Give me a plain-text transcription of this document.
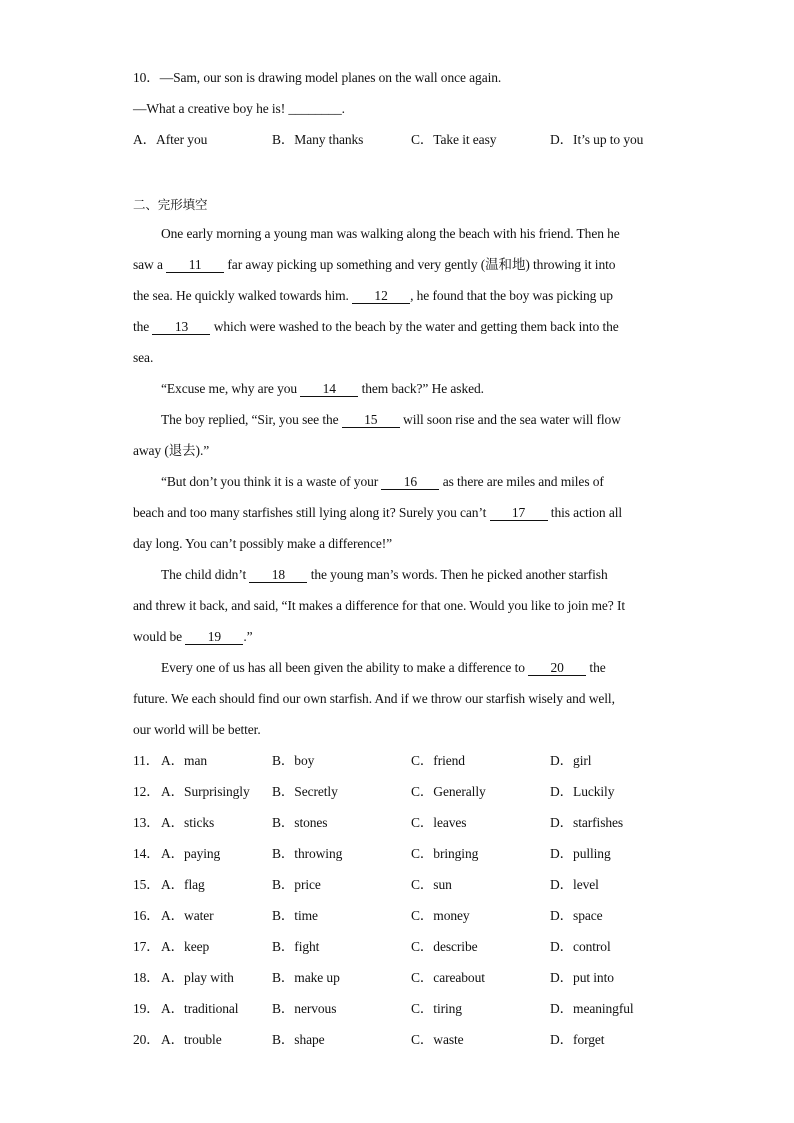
10．—Sam, our son is drawing model planes on the wall once again.
—What a creative boy he is! ________.
A．After you	B．Many thanks	C．Take it easy	D．It’s up to you
二、完形填空
One early morning a young man was walking along the beach with his friend. Then he
saw a 11 far away picking up something and very gently (温和地) throwing it into
the sea. He quickly walked towards him. 12 , he found that the boy was picking up
the 13 which were washed to the beach by the water and getting them back into the
sea.
“Excuse me, why are you 14 them back?” He asked.
The boy replied, “Sir, you see the 15 will soon rise and the sea water will flow
away (退去).”
“But don’t you think it is a waste of your 16 as there are miles and miles of
beach and too many starfishes still lying along it? Surely you can’t 17 this action all
day long. You can’t possibly make a difference!”
The child didn’t 18 the young man’s words. Then he picked another starfish
and threw it back, and said, “It makes a difference for that one. Would you like to join me? It
would be 19 .”
Every one of us has all been given the ability to make a difference to 20 the
future. We each should find our own starfish. And if we throw our starfish wisely and well,
our world will be better.
11． A．man	B．boy	C．friend	D．girl
12． A．Surprisingly	B．Secretly	C．Generally	D．Luckily
13． A．sticks	B．stones	C．leaves	D．starfishes
14． A．paying	B．throwing	C．bringing	D．pulling
15． A．flag	B．price	C．sun	D．level
16． A．water	B．time	C．money	D．space
17． A．keep	B．fight	C．describe	D．control
18． A．play with	B．make up	C．careabout	D．put into
19． A．traditional	B．nervous	C．tiring	D．meaningful
20． A．trouble	B．shape	C．waste	D．forget
